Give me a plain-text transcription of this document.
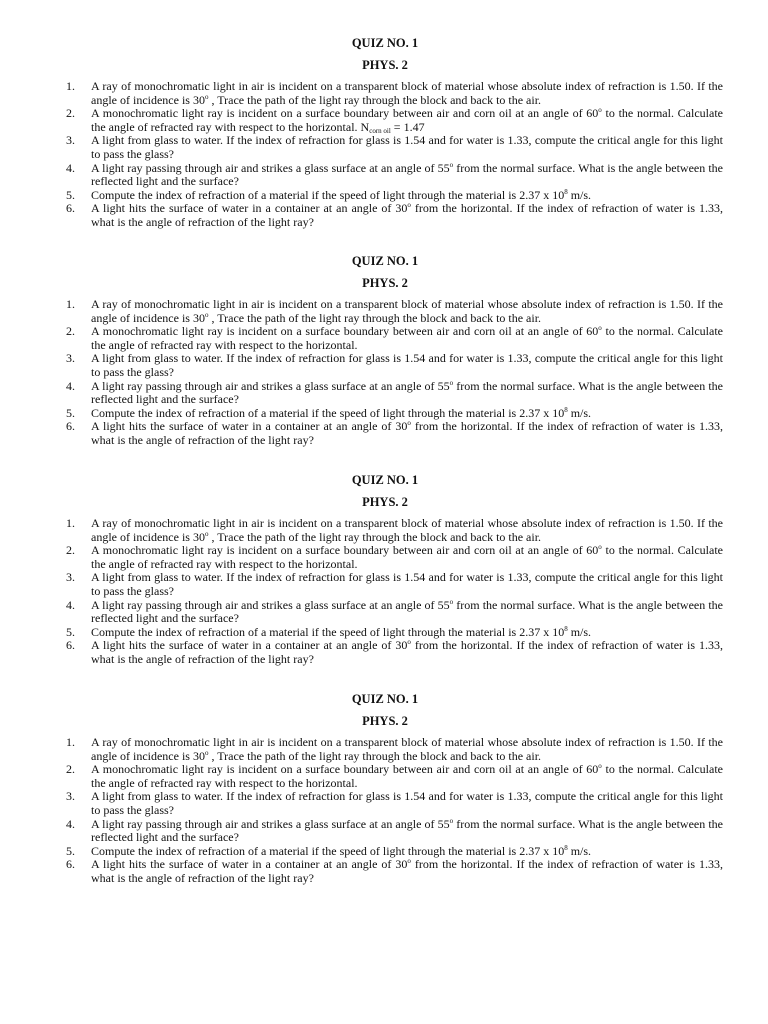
QUIZ NO. 1
PHYS. 2
1.	A ray of monochromatic light in air is incident on a transparent block of material whose absolute index of refraction is 1.50. If the angle of incidence is 30$^o$ , Trace the path of the light ray through the block and back to the air.
2.	A monochromatic light ray is incident on a surface boundary between air and corn oil at an angle of 60$^o$ to the normal. Calculate the angle of refracted ray with respect to the horizontal. $N_{corn oil} = 1.47$
3.	A light from glass to water. If the index of refraction for glass is 1.54 and for water is 1.33, compute the critical angle for this light to pass the glass?
4.	A light ray passing through air and strikes a glass surface at an angle of 55$^o$ from the normal surface. What is the angle between the reflected light and the surface?
5.	Compute the index of refraction of a material if the speed of light through the material is 2.37 x $10^8$ m/s.
6.	A light hits the surface of water in a container at an angle of 30$^o$ from the horizontal. If the index of refraction of water is 1.33, what is the angle of refraction of the light ray?
QUIZ NO. 1
PHYS. 2
1.	A ray of monochromatic light in air is incident on a transparent block of material whose absolute index of refraction is 1.50. If the angle of incidence is 30$^o$ , Trace the path of the light ray through the block and back to the air.
2.	A monochromatic light ray is incident on a surface boundary between air and corn oil at an angle of 60$^o$ to the normal. Calculate the angle of refracted ray with respect to the horizontal.
3.	A light from glass to water. If the index of refraction for glass is 1.54 and for water is 1.33, compute the critical angle for this light to pass the glass?
4.	A light ray passing through air and strikes a glass surface at an angle of 55$^o$ from the normal surface. What is the angle between the reflected light and the surface?
5.	Compute the index of refraction of a material if the speed of light through the material is 2.37 x $10^8$ m/s.
6.	A light hits the surface of water in a container at an angle of 30$^o$ from the horizontal. If the index of refraction of water is 1.33, what is the angle of refraction of the light ray?
QUIZ NO. 1
PHYS. 2
1.	A ray of monochromatic light in air is incident on a transparent block of material whose absolute index of refraction is 1.50. If the angle of incidence is 30$^o$ , Trace the path of the light ray through the block and back to the air.
2.	A monochromatic light ray is incident on a surface boundary between air and corn oil at an angle of 60$^o$ to the normal. Calculate the angle of refracted ray with respect to the horizontal.
3.	A light from glass to water. If the index of refraction for glass is 1.54 and for water is 1.33, compute the critical angle for this light to pass the glass?
4.	A light ray passing through air and strikes a glass surface at an angle of 55$^o$ from the normal surface. What is the angle between the reflected light and the surface?
5.	Compute the index of refraction of a material if the speed of light through the material is 2.37 x $10^8$ m/s.
6.	A light hits the surface of water in a container at an angle of 30$^o$ from the horizontal. If the index of refraction of water is 1.33, what is the angle of refraction of the light ray?
QUIZ NO. 1
PHYS. 2
1.	A ray of monochromatic light in air is incident on a transparent block of material whose absolute index of refraction is 1.50. If the angle of incidence is 30$^o$ , Trace the path of the light ray through the block and back to the air.
2.	A monochromatic light ray is incident on a surface boundary between air and corn oil at an angle of 60$^o$ to the normal. Calculate the angle of refracted ray with respect to the horizontal.
3.	A light from glass to water. If the index of refraction for glass is 1.54 and for water is 1.33, compute the critical angle for this light to pass the glass?
4.	A light ray passing through air and strikes a glass surface at an angle of 55$^o$ from the normal surface. What is the angle between the reflected light and the surface?
5.	Compute the index of refraction of a material if the speed of light through the material is 2.37 x $10^8$ m/s.
6.	A light hits the surface of water in a container at an angle of 30$^o$ from the horizontal. If the index of refraction of water is 1.33, what is the angle of refraction of the light ray?
